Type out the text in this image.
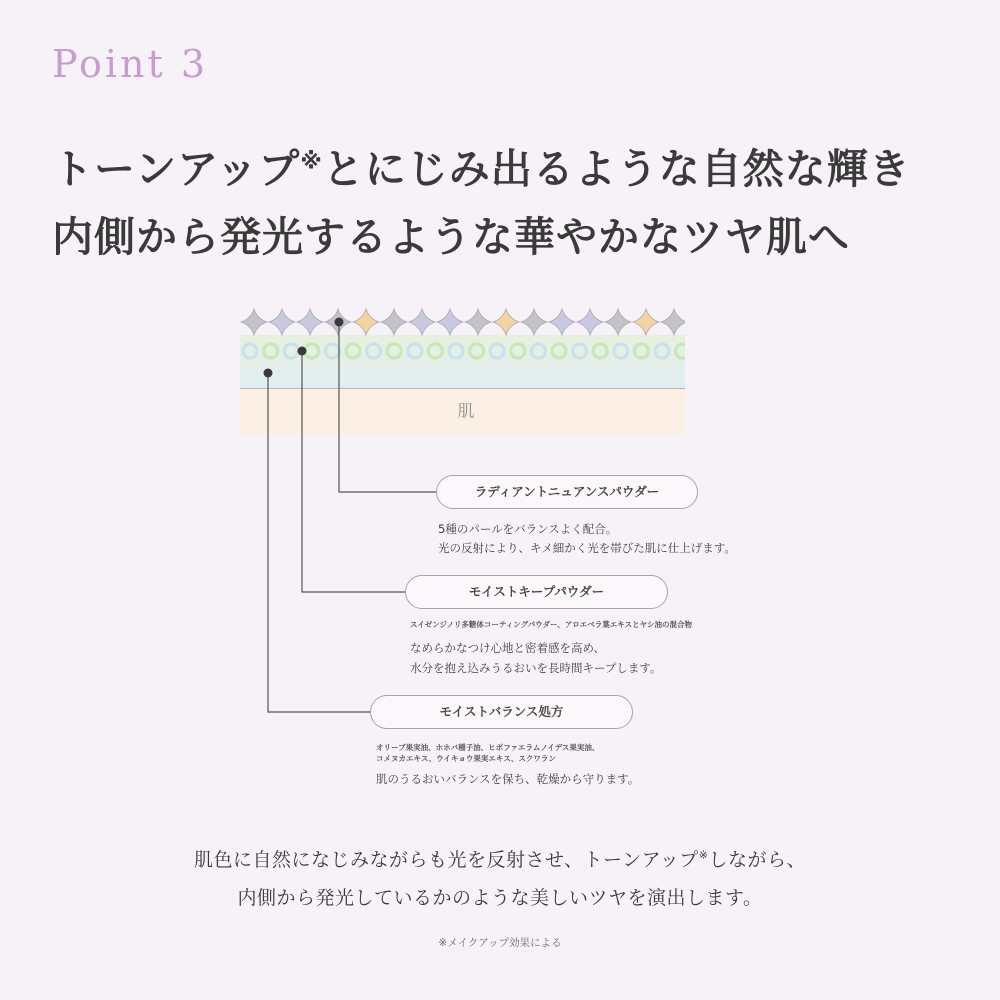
Point 3
トーンアップ※とにじみ出るような自然な輝き
内側から発光するような華やかなツヤ肌へ
肌
ラディアントニュアンスパウダー
5種のパールをバランスよく配合。
光の反射により、キメ細かく光を帯びた肌に仕上げます。
モイストキープパウダー
スイゼンジノリ多糖体コーティングパウダー、アロエベラ葉エキスとヤシ油の混合物
なめらかなつけ心地と密着感を高め、
水分を抱え込みうるおいを長時間キープします。
モイストバランス処方
オリーブ果実油、ホホバ種子油、ヒポファエラムノイデス果実油、
コメヌカエキス、ウイキョウ果実エキス、スクワラン
肌のうるおいバランスを保ち、乾燥から守ります。
肌色に自然になじみながらも光を反射させ、トーンアップ※しながら、
内側から発光しているかのような美しいツヤを演出します。
※メイクアップ効果による
